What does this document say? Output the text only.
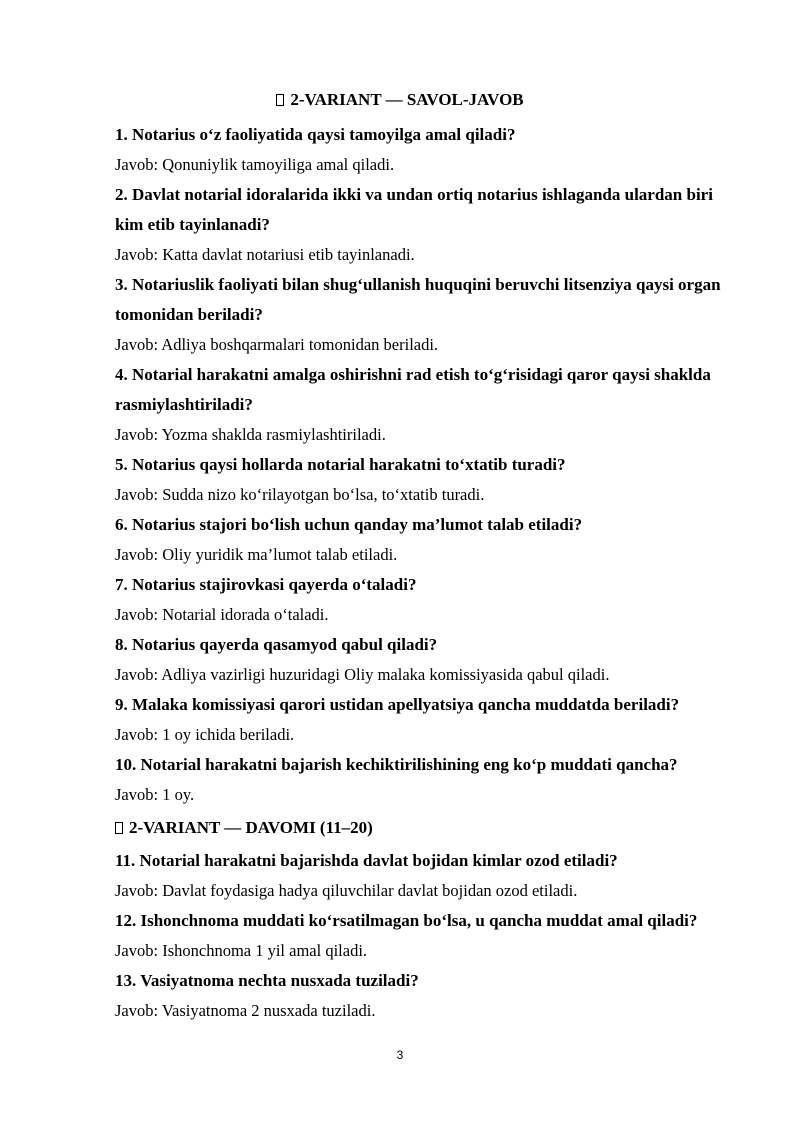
2-VARIANT — SAVOL-JAVOB
1. Notarius o‘z faoliyatida qaysi tamoyilga amal qiladi?
Javob: Qonuniylik tamoyiliga amal qiladi.
2. Davlat notarial idoralarida ikki va undan ortiq notarius ishlaganda ulardan biri kim etib tayinlanadi?
Javob: Katta davlat notariusi etib tayinlanadi.
3. Notariuslik faoliyati bilan shug‘ullanish huquqini beruvchi litsenziya qaysi organ tomonidan beriladi?
Javob: Adliya boshqarmalari tomonidan beriladi.
4. Notarial harakatni amalga oshirishni rad etish to‘g‘risidagi qaror qaysi shaklda rasmiylashtiriladi?
Javob: Yozma shaklda rasmiylashtiriladi.
5. Notarius qaysi hollarda notarial harakatni to‘xtatib turadi?
Javob: Sudda nizo ko‘rilayotgan bo‘lsa, to‘xtatib turadi.
6. Notarius stajori bo‘lish uchun qanday ma’lumot talab etiladi?
Javob: Oliy yuridik ma’lumot talab etiladi.
7. Notarius stajirovkasi qayerda o‘taladi?
Javob: Notarial idorada o‘taladi.
8. Notarius qayerda qasamyod qabul qiladi?
Javob: Adliya vazirligi huzuridagi Oliy malaka komissiyasida qabul qiladi.
9. Malaka komissiyasi qarori ustidan apellyatsiya qancha muddatda beriladi?
Javob: 1 oy ichida beriladi.
10. Notarial harakatni bajarish kechiktirilishining eng ko‘p muddati qancha?
Javob: 1 oy.
2-VARIANT — DAVOMI (11–20)
11. Notarial harakatni bajarishda davlat bojidan kimlar ozod etiladi?
Javob: Davlat foydasiga hadya qiluvchilar davlat bojidan ozod etiladi.
12. Ishonchnoma muddati ko‘rsatilmagan bo‘lsa, u qancha muddat amal qiladi?
Javob: Ishonchnoma 1 yil amal qiladi.
13. Vasiyatnoma nechta nusxada tuziladi?
Javob: Vasiyatnoma 2 nusxada tuziladi.
3
